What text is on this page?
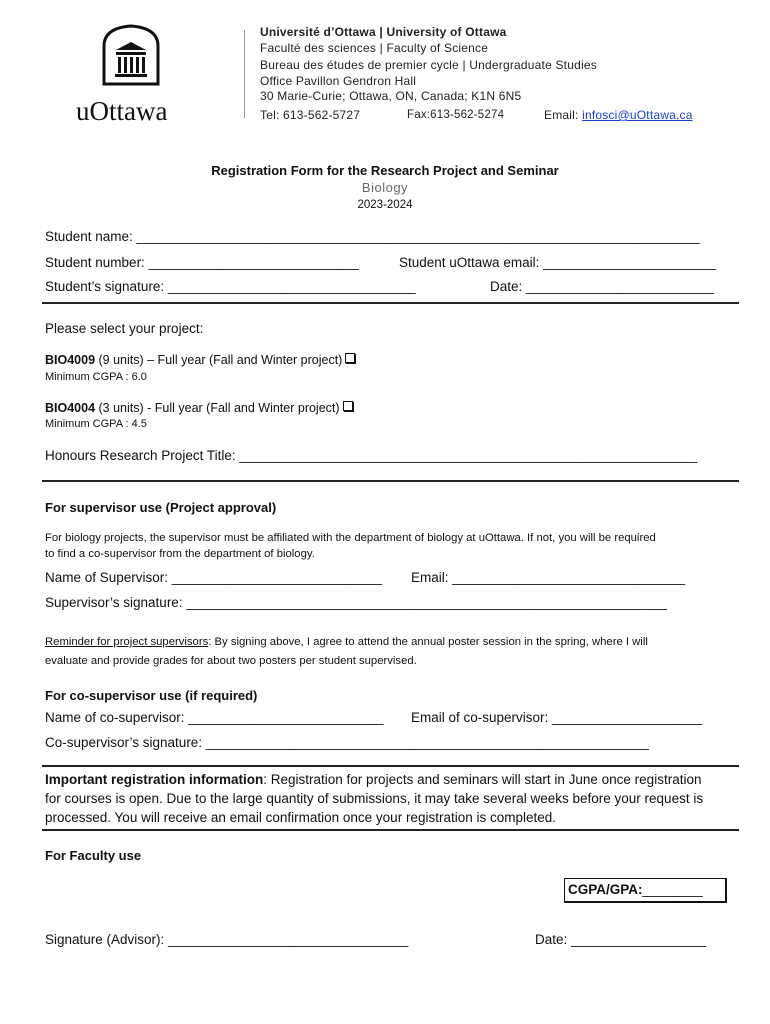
uOttawa
Université d’Ottawa | University of Ottawa
Faculté des sciences | Faculty of Science
Bureau des études de premier cycle | Undergraduate Studies
Office Pavillon Gendron Hall
30 Marie-Curie; Ottawa, ON, Canada; K1N 6N5
Tel: 613-562-5727	Fax:613-562-5274	Email: infosci@uOttawa.ca
Registration Form for the Research Project and Seminar
Biology
2023-2024
Student name: ___________________________________________________________________________
Student number: ____________________________	Student uOttawa email: _______________________
Student’s signature: _________________________________	Date: _________________________
Please select your project:
BIO4009 (9 units) – Full year (Fall and Winter project)
Minimum CGPA : 6.0
BIO4004 (3 units) - Full year (Fall and Winter project)
Minimum CGPA : 4.5
Honours Research Project Title: _____________________________________________________________
For supervisor use (Project approval)
For biology projects, the supervisor must be affiliated with the department of biology at uOttawa. If not, you will be required
to find a co-supervisor from the department of biology.
Name of Supervisor: ____________________________ Email: _______________________________
Supervisor’s signature: ________________________________________________________________
Reminder for project supervisors: By signing above, I agree to attend the annual poster session in the spring, where I will
evaluate and provide grades for about two posters per student supervised.
For co-supervisor use (if required)
Name of co-supervisor: __________________________ Email of co-supervisor: ____________________
Co-supervisor’s signature: ___________________________________________________________
Important registration information: Registration for projects and seminars will start in June once registration
for courses is open. Due to the large quantity of submissions, it may take several weeks before your request is
processed. You will receive an email confirmation once your registration is completed.
For Faculty use
CGPA/GPA:________
Signature (Advisor): ________________________________	Date: __________________
